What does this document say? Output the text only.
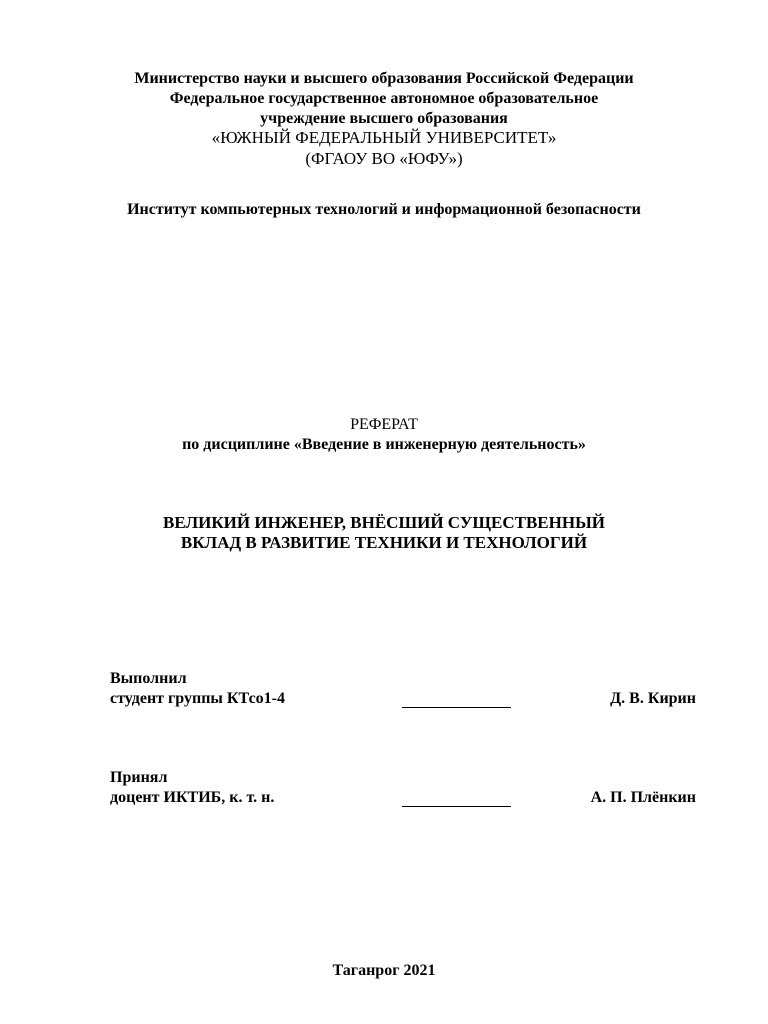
Министерство науки и высшего образования Российской Федерации
Федеральное государственное автономное образовательное
учреждение высшего образования
«ЮЖНЫЙ ФЕДЕРАЛЬНЫЙ УНИВЕРСИТЕТ»
(ФГАОУ ВО «ЮФУ»)
Институт компьютерных технологий и информационной безопасности
РЕФЕРАТ
по дисциплине «Введение в инженерную деятельность»
ВЕЛИКИЙ ИНЖЕНЕР, ВНЁСШИЙ СУЩЕСТВЕННЫЙ
ВКЛАД В РАЗВИТИЕ ТЕХНИКИ И ТЕХНОЛОГИЙ
Выполнил
студент группы КТсо1-4	Д. В. Кирин
Принял
доцент ИКТИБ, к. т. н.	А. П. Плёнкин
Таганрог 2021
